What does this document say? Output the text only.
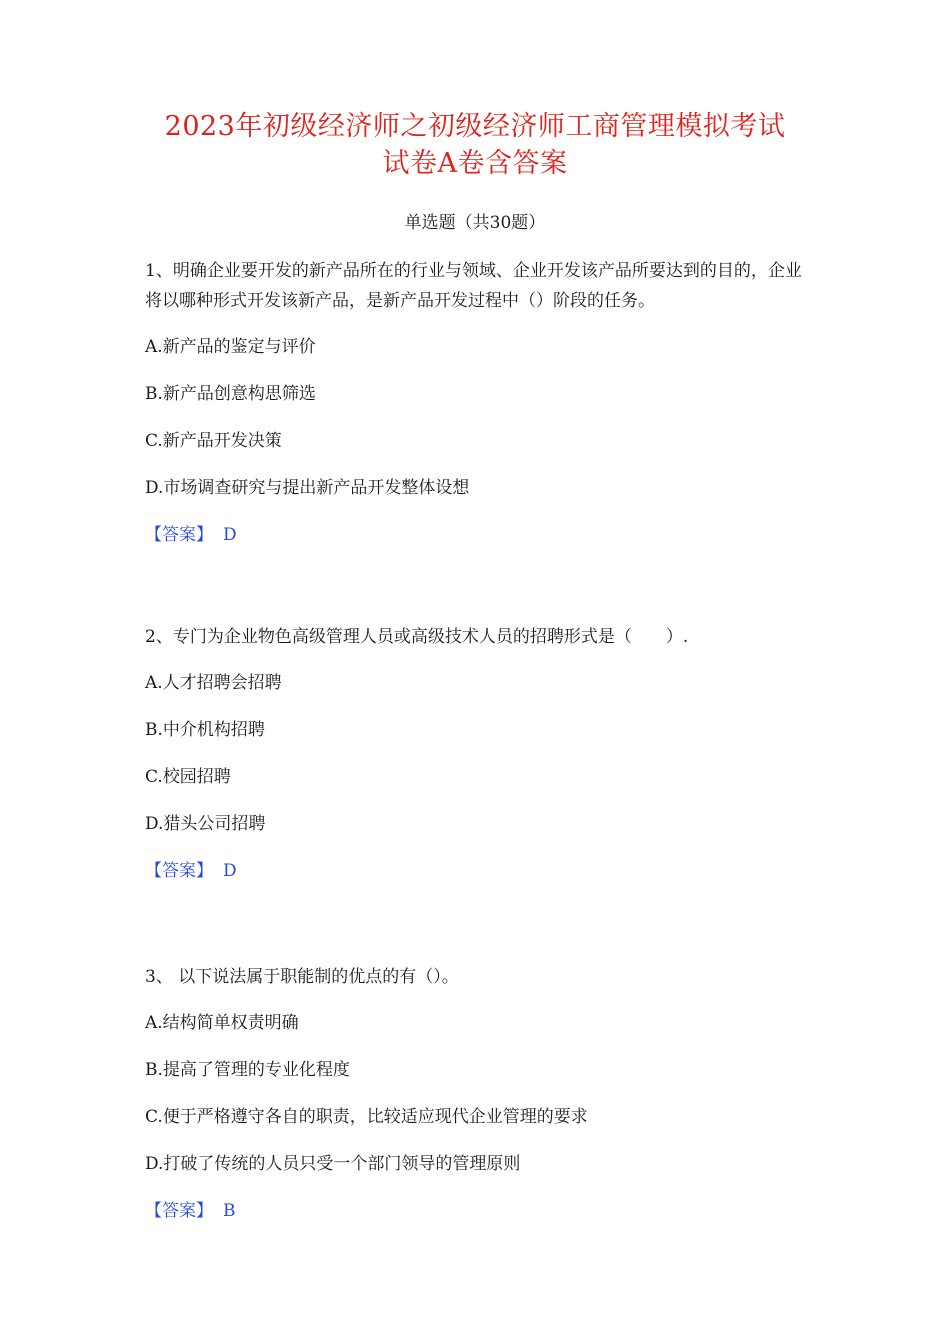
2023年初级经济师之初级经济师工商管理模拟考试
试卷A卷含答案
单选题（共30题）

1、明确企业要开发的新产品所在的行业与领域、企业开发该产品所要达到的目的，企业将以哪种形式开发该新产品，是新产品开发过程中（）阶段的任务。

A.新产品的鉴定与评价

B.新产品创意构思筛选

C.新产品开发决策

D.市场调查研究与提出新产品开发整体设想

【答案】 D

2、专门为企业物色高级管理人员或高级技术人员的招聘形式是（　　）.

A.人才招聘会招聘

B.中介机构招聘

C.校园招聘

D.猎头公司招聘

【答案】 D

3、 以下说法属于职能制的优点的有（）。

A.结构简单权责明确

B.提高了管理的专业化程度

C.便于严格遵守各自的职责，比较适应现代企业管理的要求

D.打破了传统的人员只受一个部门领导的管理原则

【答案】 B
